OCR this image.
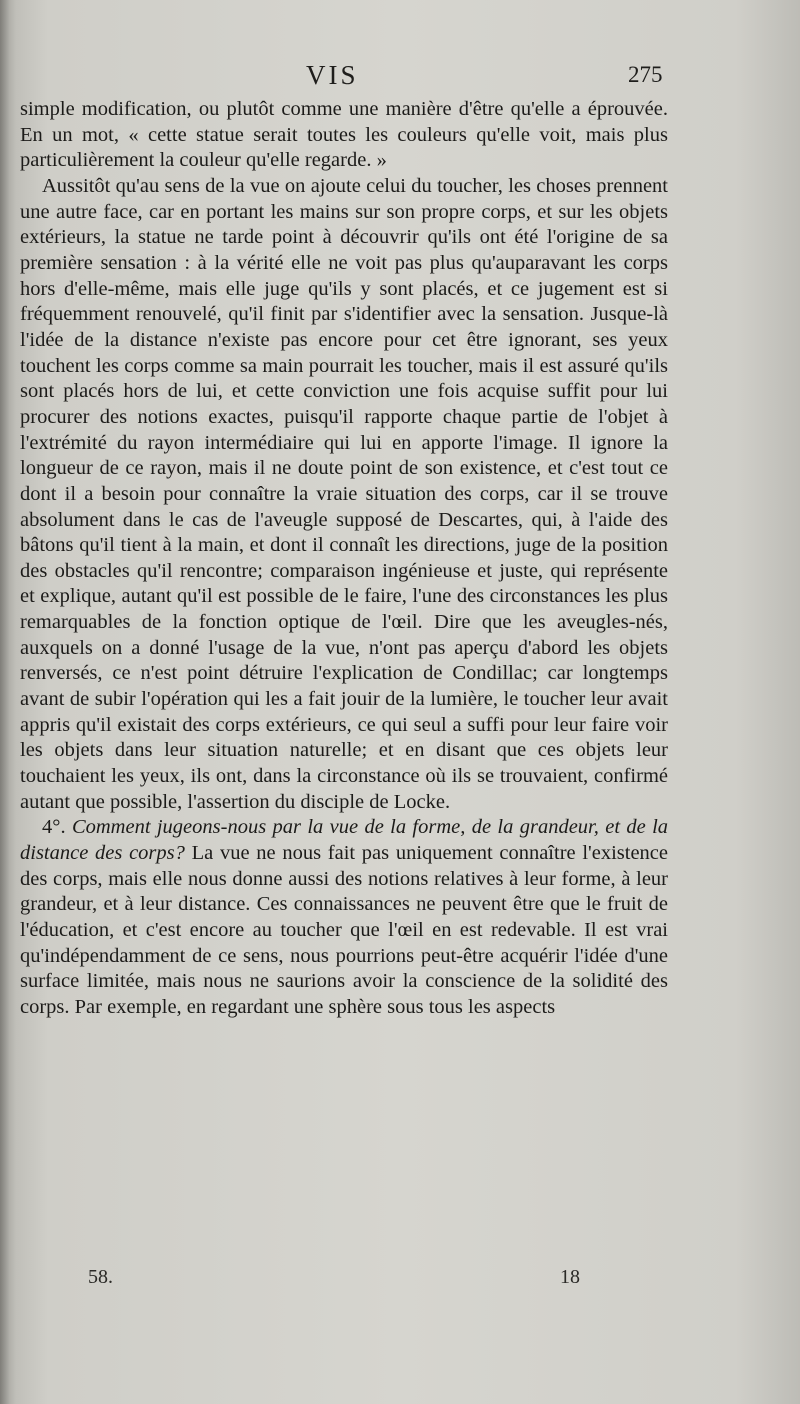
VIS	275

simple modification, ou plutôt comme une manière d'être qu'elle a éprouvée. En un mot, « cette statue serait toutes les couleurs qu'elle voit, mais plus particulièrement la couleur qu'elle regarde. »

Aussitôt qu'au sens de la vue on ajoute celui du toucher, les choses prennent une autre face, car en portant les mains sur son propre corps, et sur les objets extérieurs, la statue ne tarde point à découvrir qu'ils ont été l'origine de sa première sensation : à la vérité elle ne voit pas plus qu'auparavant les corps hors d'elle-même, mais elle juge qu'ils y sont placés, et ce jugement est si fréquemment renouvelé, qu'il finit par s'identifier avec la sensation. Jusque-là l'idée de la distance n'existe pas encore pour cet être ignorant, ses yeux touchent les corps comme sa main pourrait les toucher, mais il est assuré qu'ils sont placés hors de lui, et cette conviction une fois acquise suffit pour lui procurer des notions exactes, puisqu'il rapporte chaque partie de l'objet à l'extrémité du rayon intermédiaire qui lui en apporte l'image. Il ignore la longueur de ce rayon, mais il ne doute point de son existence, et c'est tout ce dont il a besoin pour connaître la vraie situation des corps, car il se trouve absolument dans le cas de l'aveugle supposé de Descartes, qui, à l'aide des bâtons qu'il tient à la main, et dont il connaît les directions, juge de la position des obstacles qu'il rencontre; comparaison ingénieuse et juste, qui représente et explique, autant qu'il est possible de le faire, l'une des circonstances les plus remarquables de la fonction optique de l'œil. Dire que les aveugles-nés, auxquels on a donné l'usage de la vue, n'ont pas aperçu d'abord les objets renversés, ce n'est point détruire l'explication de Condillac; car longtemps avant de subir l'opération qui les a fait jouir de la lumière, le toucher leur avait appris qu'il existait des corps extérieurs, ce qui seul a suffi pour leur faire voir les objets dans leur situation naturelle; et en disant que ces objets leur touchaient les yeux, ils ont, dans la circonstance où ils se trouvaient, confirmé autant que possible, l'assertion du disciple de Locke.

4°. Comment jugeons-nous par la vue de la forme, de la grandeur, et de la distance des corps? La vue ne nous fait pas uniquement connaître l'existence des corps, mais elle nous donne aussi des notions relatives à leur forme, à leur grandeur, et à leur distance. Ces connaissances ne peuvent être que le fruit de l'éducation, et c'est encore au toucher que l'œil en est redevable. Il est vrai qu'indépendamment de ce sens, nous pourrions peut-être acquérir l'idée d'une surface limitée, mais nous ne saurions avoir la conscience de la solidité des corps. Par exemple, en regardant une sphère sous tous les aspects

58.	18
